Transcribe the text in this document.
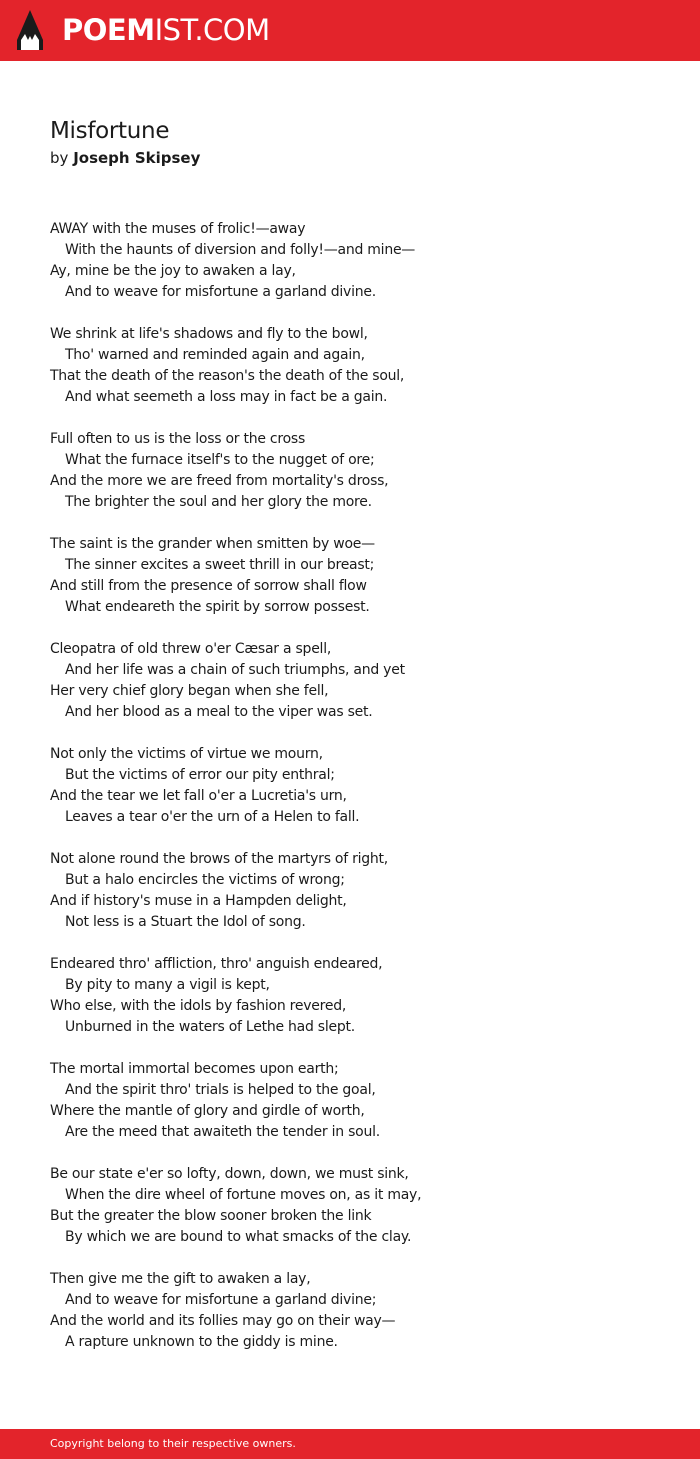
POEMIST.COM
Misfortune
by Joseph Skipsey
AWAY with the muses of frolic!—away
With the haunts of diversion and folly!—and mine—
Ay, mine be the joy to awaken a lay,
And to weave for misfortune a garland divine.
We shrink at life's shadows and fly to the bowl,
Tho' warned and reminded again and again,
That the death of the reason's the death of the soul,
And what seemeth a loss may in fact be a gain.
Full often to us is the loss or the cross
What the furnace itself's to the nugget of ore;
And the more we are freed from mortality's dross,
The brighter the soul and her glory the more.
The saint is the grander when smitten by woe—
The sinner excites a sweet thrill in our breast;
And still from the presence of sorrow shall flow
What endeareth the spirit by sorrow possest.
Cleopatra of old threw o'er Cæsar a spell,
And her life was a chain of such triumphs, and yet
Her very chief glory began when she fell,
And her blood as a meal to the viper was set.
Not only the victims of virtue we mourn,
But the victims of error our pity enthral;
And the tear we let fall o'er a Lucretia's urn,
Leaves a tear o'er the urn of a Helen to fall.
Not alone round the brows of the martyrs of right,
But a halo encircles the victims of wrong;
And if history's muse in a Hampden delight,
Not less is a Stuart the Idol of song.
Endeared thro' affliction, thro' anguish endeared,
By pity to many a vigil is kept,
Who else, with the idols by fashion revered,
Unburned in the waters of Lethe had slept.
The mortal immortal becomes upon earth;
And the spirit thro' trials is helped to the goal,
Where the mantle of glory and girdle of worth,
Are the meed that awaiteth the tender in soul.
Be our state e'er so lofty, down, down, we must sink,
When the dire wheel of fortune moves on, as it may,
But the greater the blow sooner broken the link
By which we are bound to what smacks of the clay.
Then give me the gift to awaken a lay,
And to weave for misfortune a garland divine;
And the world and its follies may go on their way—
A rapture unknown to the giddy is mine.
Copyright belong to their respective owners.
